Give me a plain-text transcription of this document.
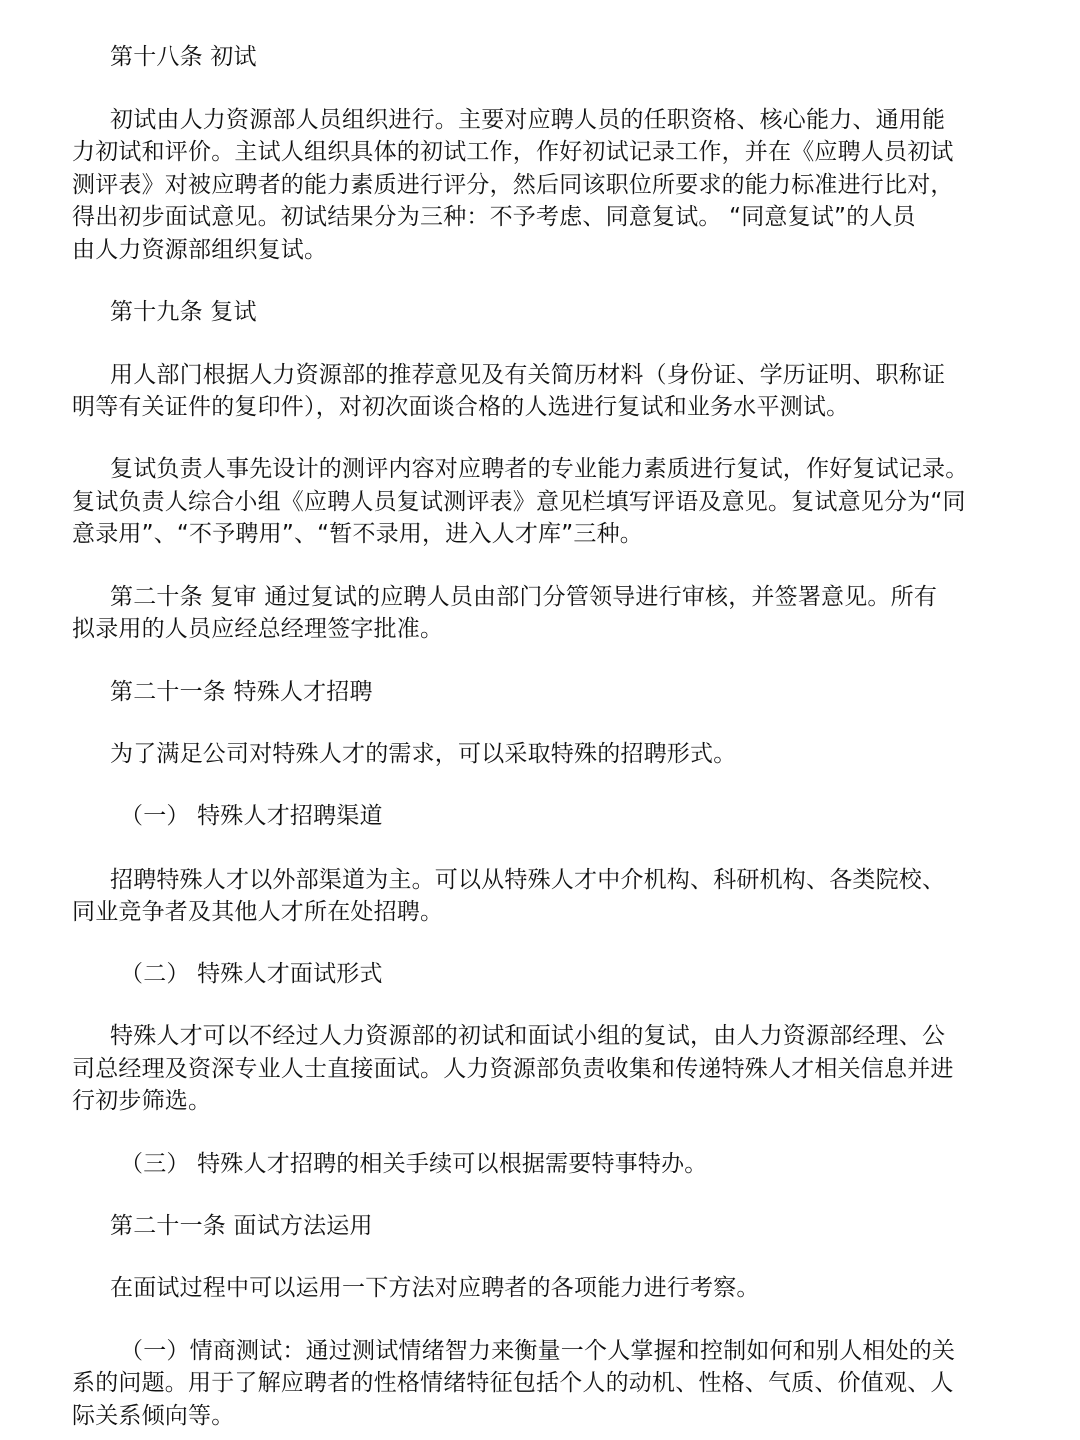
第十八条 初试
初试由人力资源部人员组织进行。主要对应聘人员的任职资格、核心能力、通用能
力初试和评价。主试人组织具体的初试工作，作好初试记录工作，并在《应聘人员初试
测评表》对被应聘者的能力素质进行评分，然后同该职位所要求的能力标准进行比对，
得出初步面试意见。初试结果分为三种：不予考虑、同意复试。 “同意复试”的人员
由人力资源部组织复试。
第十九条 复试
用人部门根据人力资源部的推荐意见及有关简历材料（身份证、学历证明、职称证
明等有关证件的复印件），对初次面谈合格的人选进行复试和业务水平测试。
复试负责人事先设计的测评内容对应聘者的专业能力素质进行复试，作好复试记录。
复试负责人综合小组《应聘人员复试测评表》意见栏填写评语及意见。复试意见分为“同
意录用”、“不予聘用”、“暂不录用，进入人才库”三种。
第二十条 复审 通过复试的应聘人员由部门分管领导进行审核，并签署意见。所有
拟录用的人员应经总经理签字批准。
第二十一条 特殊人才招聘
为了满足公司对特殊人才的需求，可以采取特殊的招聘形式。
（一） 特殊人才招聘渠道
招聘特殊人才以外部渠道为主。可以从特殊人才中介机构、科研机构、各类院校、
同业竞争者及其他人才所在处招聘。
（二） 特殊人才面试形式
特殊人才可以不经过人力资源部的初试和面试小组的复试，由人力资源部经理、公
司总经理及资深专业人士直接面试。人力资源部负责收集和传递特殊人才相关信息并进
行初步筛选。
（三） 特殊人才招聘的相关手续可以根据需要特事特办。
第二十一条 面试方法运用
在面试过程中可以运用一下方法对应聘者的各项能力进行考察。
（一）情商测试：通过测试情绪智力来衡量一个人掌握和控制如何和别人相处的关
系的问题。用于了解应聘者的性格情绪特征包括个人的动机、性格、气质、价值观、人
际关系倾向等。
